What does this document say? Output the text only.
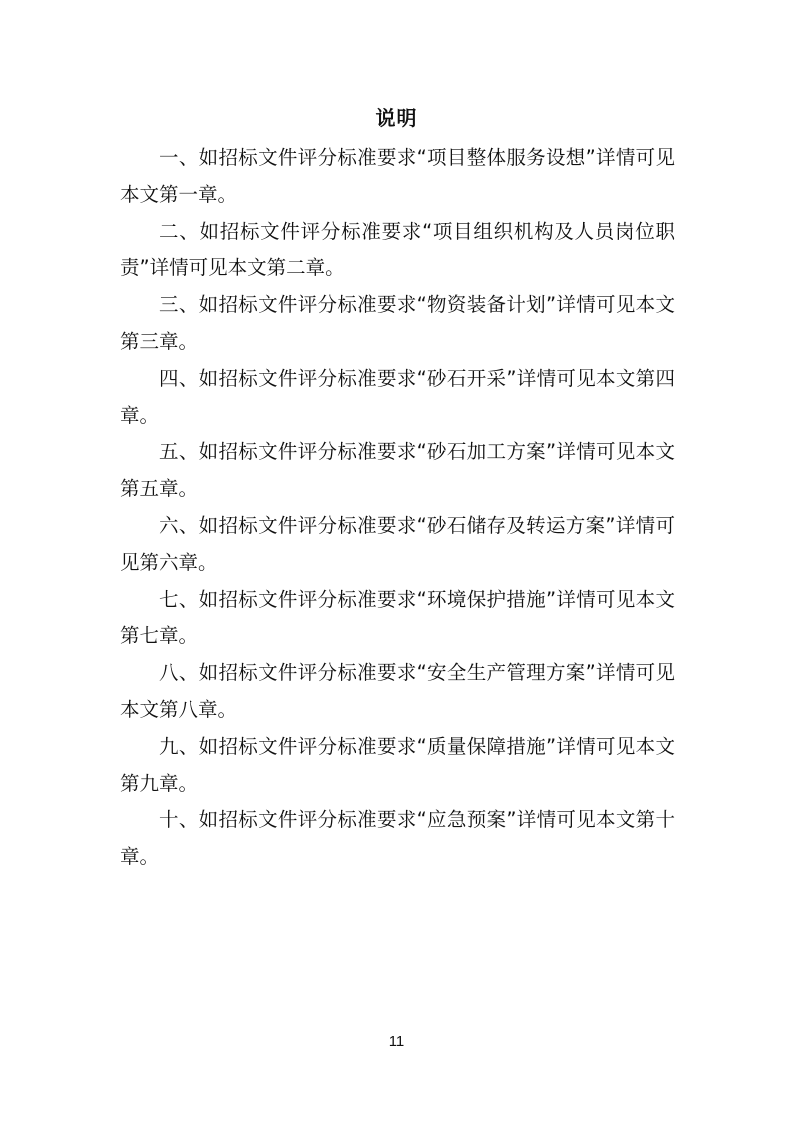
说明

一、如招标文件评分标准要求“项目整体服务设想”详情可见本文第一章。

二、如招标文件评分标准要求“项目组织机构及人员岗位职责”详情可见本文第二章。

三、如招标文件评分标准要求“物资装备计划”详情可见本文第三章。

四、如招标文件评分标准要求“砂石开采”详情可见本文第四章。

五、如招标文件评分标准要求“砂石加工方案”详情可见本文第五章。

六、如招标文件评分标准要求“砂石储存及转运方案”详情可见第六章。

七、如招标文件评分标准要求“环境保护措施”详情可见本文第七章。

八、如招标文件评分标准要求“安全生产管理方案”详情可见本文第八章。

九、如招标文件评分标准要求“质量保障措施”详情可见本文第九章。

十、如招标文件评分标准要求“应急预案”详情可见本文第十章。

11
